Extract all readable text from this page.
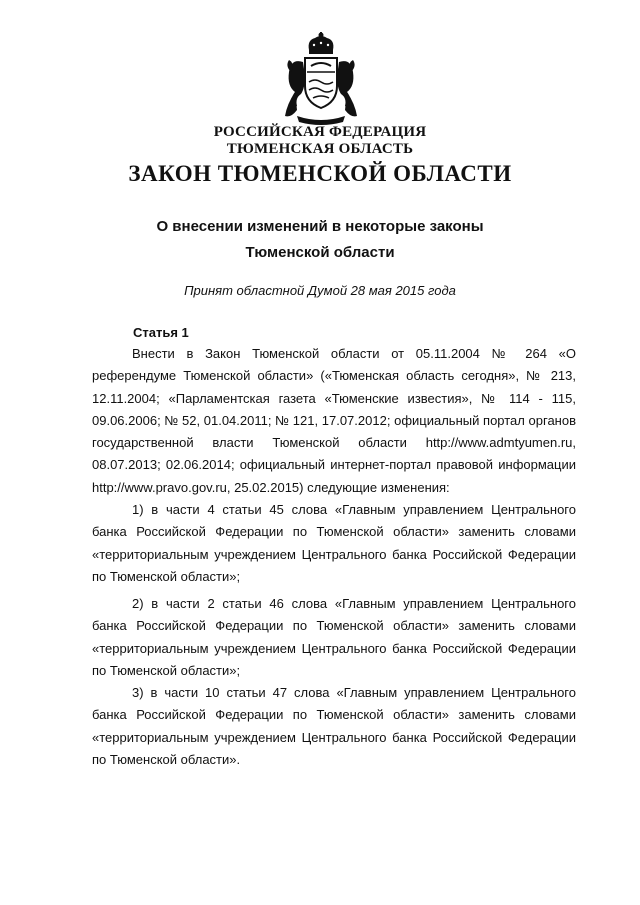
РОССИЙСКАЯ ФЕДЕРАЦИЯ
ТЮМЕНСКАЯ ОБЛАСТЬ
ЗАКОН ТЮМЕНСКОЙ ОБЛАСТИ
О внесении изменений в некоторые законы
Тюменской области
Принят областной Думой 28 мая 2015 года
Статья 1

Внести в Закон Тюменской области от 05.11.2004 № 264 «О референдуме Тюменской области» («Тюменская область сегодня», № 213, 12.11.2004; «Парламентская газета «Тюменские известия», № 114 - 115, 09.06.2006; № 52, 01.04.2011; № 121, 17.07.2012; официальный портал органов государственной власти Тюменской области http://www.admtyumen.ru, 08.07.2013; 02.06.2014; официальный интернет-портал правовой информации http://www.pravo.gov.ru, 25.02.2015) следующие изменения:

1) в части 4 статьи 45 слова «Главным управлением Центрального банка Российской Федерации по Тюменской области» заменить словами «территориальным учреждением Центрального банка Российской Федерации по Тюменской области»;

2) в части 2 статьи 46 слова «Главным управлением Центрального банка Российской Федерации по Тюменской области» заменить словами «территориальным учреждением Центрального банка Российской Федерации по Тюменской области»;

3) в части 10 статьи 47 слова «Главным управлением Центрального банка Российской Федерации по Тюменской области» заменить словами «территориальным учреждением Центрального банка Российской Федерации по Тюменской области».
